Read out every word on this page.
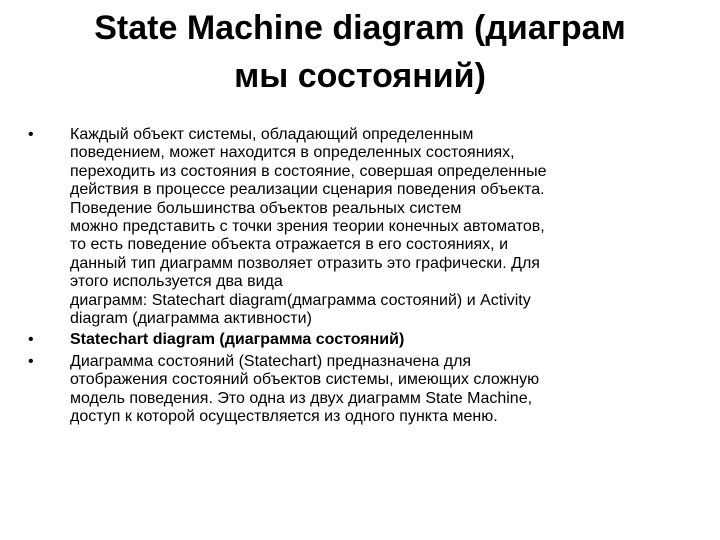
State Machine diagram (диаграм
мы состояний)
•	Каждый объект системы, обладающий определенным
поведением, может находится в определенных состояниях,
переходить из состояния в состояние, совершая определенные
действия в процессе реализации сценария поведения объекта.
Поведение большинства объектов реальных систем
можно представить с точки зрения теории конечных автоматов,
то есть поведение объекта отражается в его состояниях, и
данный тип диаграмм позволяет отразить это графически. Для
этого используется два вида
диаграмм: Statechart diagram(дмаграмма состояний) и Activity
diagram (диаграмма активности)
•	Statechart diagram (диаграмма состояний)
•	Диаграмма состояний (Statechart) предназначена для
отображения состояний объектов системы, имеющих сложную
модель поведения. Это одна из двух диаграмм State Machine,
доступ к которой осуществляется из одного пункта меню.
